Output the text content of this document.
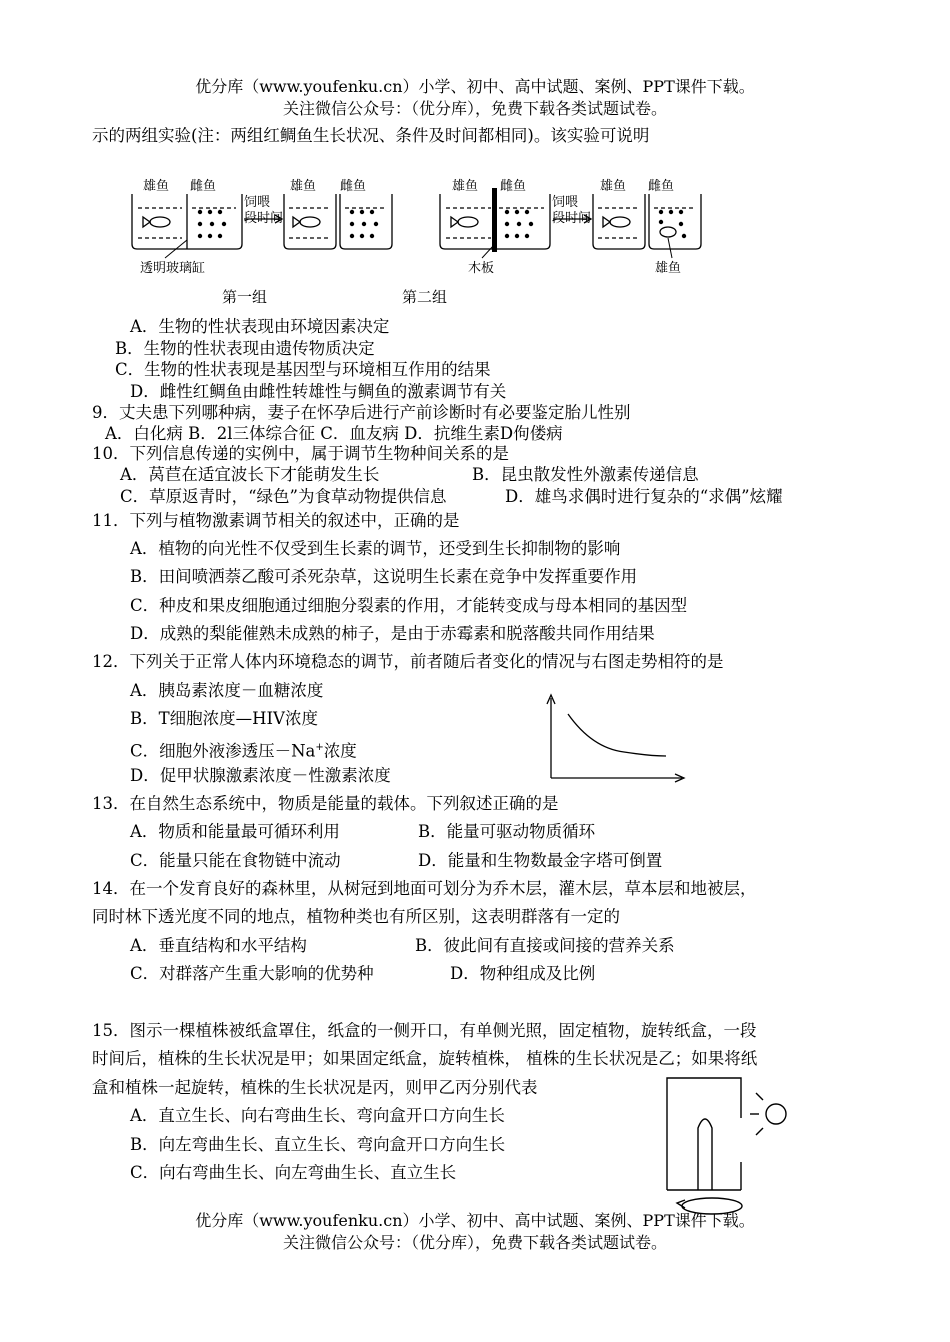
优分库（www.youfenku.cn）小学、初中、高中试题、案例、PPT课件下载。
关注微信公众号：（优分库），免费下载各类试题试卷。
示的两组实验(注：两组红鲷鱼生长状况、条件及时间都相同)。该实验可说明
雄鱼 雌鱼
饲喂
段时间
雄鱼 雌鱼
透明玻璃缸
雄鱼 雌鱼
饲喂
段时间
雄鱼 雌鱼
木板	雄鱼
第一组	第二组
A．生物的性状表现由环境因素决定
B．生物的性状表现由遗传物质决定
C．生物的性状表现是基因型与环境相互作用的结果
D．雌性红鲷鱼由雌性转雄性与鲷鱼的激素调节有关
9．丈夫患下列哪种病，妻子在怀孕后进行产前诊断时有必要鉴定胎儿性别
A．白化病 B．2l三体综合征 C．血友病 D．抗维生素D佝偻病
10．下列信息传递的实例中，属于调节生物种间关系的是
A．莴苣在适宜波长下才能萌发生长	B．昆虫散发性外激素传递信息
C．草原返青时，“绿色”为食草动物提供信息	D．雄鸟求偶时进行复杂的“求偶”炫耀
11．下列与植物激素调节相关的叙述中，正确的是
A．植物的向光性不仅受到生长素的调节，还受到生长抑制物的影响
B．田间喷洒萘乙酸可杀死杂草，这说明生长素在竞争中发挥重要作用
C．种皮和果皮细胞通过细胞分裂素的作用，才能转变成与母本相同的基因型
D．成熟的梨能催熟未成熟的柿子，是由于赤霉素和脱落酸共同作用结果
12．下列关于正常人体内环境稳态的调节，前者随后者变化的情况与右图走势相符的是
A．胰岛素浓度－血糖浓度
B．T细胞浓度—HIV浓度
C．细胞外液渗透压－Na+浓度
D．促甲状腺激素浓度－性激素浓度
13．在自然生态系统中，物质是能量的载体。下列叙述正确的是
A．物质和能量最可循环利用	B．能量可驱动物质循环
C．能量只能在食物链中流动	D．能量和生物数最金字塔可倒置
14．在一个发育良好的森林里，从树冠到地面可划分为乔木层，灌木层，草本层和地被层，
同时林下透光度不同的地点，植物种类也有所区别，这表明群落有一定的
A．垂直结构和水平结构	B．彼此间有直接或间接的营养关系
C．对群落产生重大影响的优势种	D．物种组成及比例
15．图示一棵植株被纸盒罩住，纸盒的一侧开口，有单侧光照，固定植物，旋转纸盒，一段
时间后，植株的生长状况是甲；如果固定纸盒，旋转植株， 植株的生长状况是乙；如果将纸
盒和植株一起旋转，植株的生长状况是丙，则甲乙丙分别代表
A．直立生长、向右弯曲生长、弯向盒开口方向生长
B．向左弯曲生长、直立生长、弯向盒开口方向生长
C．向右弯曲生长、向左弯曲生长、直立生长
优分库（www.youfenku.cn）小学、初中、高中试题、案例、PPT课件下载。
关注微信公众号：（优分库），免费下载各类试题试卷。
